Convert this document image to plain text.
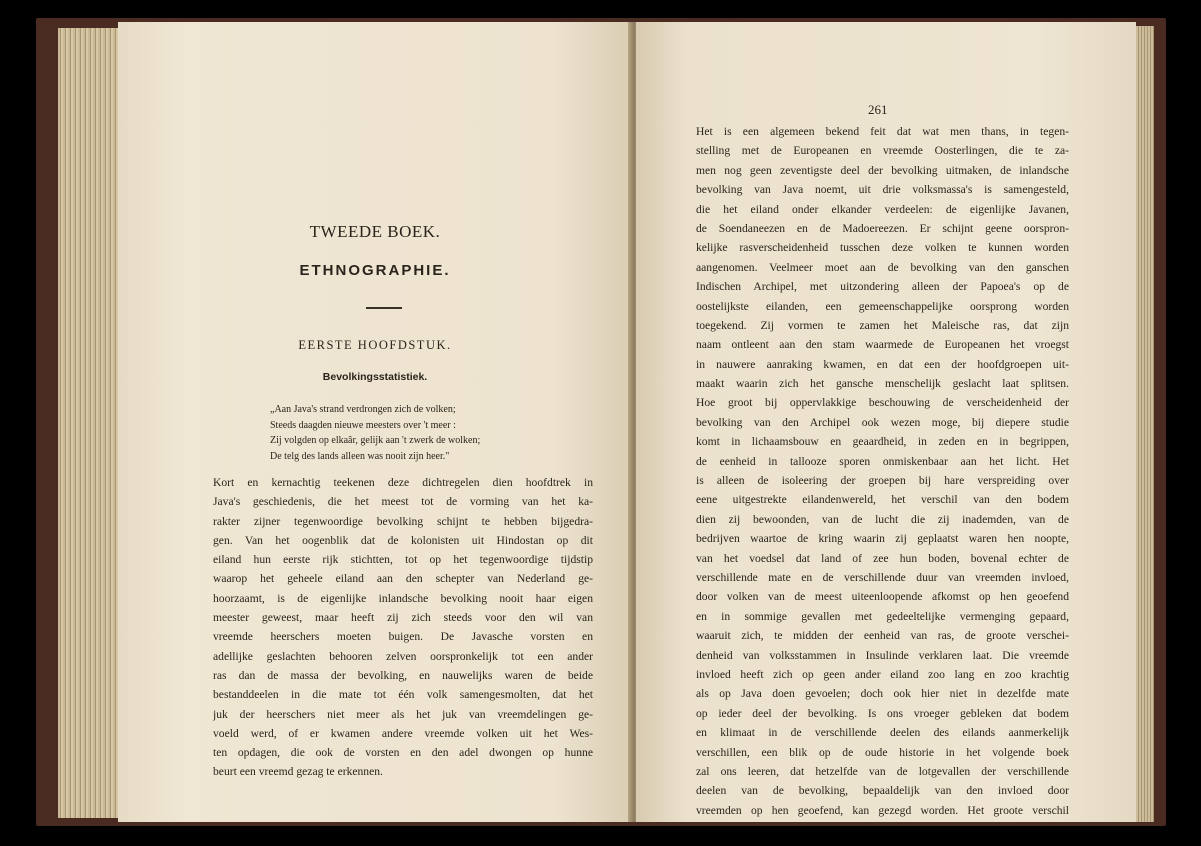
TWEEDE BOEK.
ETHNOGRAPHIE.
EERSTE HOOFDSTUK.
Bevolkingsstatistiek.
„Aan Java's strand verdrongen zich de volken;
Steeds daagden nieuwe meesters over 't meer :
Zij volgden op elkaâr, gelijk aan 't zwerk de wolken;
De telg des lands alleen was nooit zijn heer."
Kort en kernachtig teekenen deze dichtregelen dien hoofdtrek in
Java's geschiedenis, die het meest tot de vorming van het ka-
rakter zijner tegenwoordige bevolking schijnt te hebben bijgedra-
gen. Van het oogenblik dat de kolonisten uit Hindostan op dit
eiland hun eerste rijk stichtten, tot op het tegenwoordige tijdstip
waarop het geheele eiland aan den schepter van Nederland ge-
hoorzaamt, is de eigenlijke inlandsche bevolking nooit haar eigen
meester geweest, maar heeft zij zich steeds voor den wil van
vreemde heerschers moeten buigen. De Javasche vorsten en
adellijke geslachten behooren zelven oorspronkelijk tot een ander
ras dan de massa der bevolking, en nauwelijks waren de beide
bestanddeelen in die mate tot één volk samengesmolten, dat het
juk der heerschers niet meer als het juk van vreemdelingen ge-
voeld werd, of er kwamen andere vreemde volken uit het Wes-
ten opdagen, die ook de vorsten en den adel dwongen op hunne
beurt een vreemd gezag te erkennen.
261
Het is een algemeen bekend feit dat wat men thans, in tegen-
stelling met de Europeanen en vreemde Oosterlingen, die te za-
men nog geen zeventigste deel der bevolking uitmaken, de inlandsche
bevolking van Java noemt, uit drie volksmassa's is samengesteld,
die het eiland onder elkander verdeelen: de eigenlijke Javanen,
de Soendaneezen en de Madoereezen. Er schijnt geene oorspron-
kelijke rasverscheidenheid tusschen deze volken te kunnen worden
aangenomen. Veelmeer moet aan de bevolking van den ganschen
Indischen Archipel, met uitzondering alleen der Papoea's op de
oostelijkste eilanden, een gemeenschappelijke oorsprong worden
toegekend. Zij vormen te zamen het Maleische ras, dat zijn
naam ontleent aan den stam waarmede de Europeanen het vroegst
in nauwere aanraking kwamen, en dat een der hoofdgroepen uit-
maakt waarin zich het gansche menschelijk geslacht laat splitsen.
Hoe groot bij oppervlakkige beschouwing de verscheidenheid der
bevolking van den Archipel ook wezen moge, bij diepere studie
komt in lichaamsbouw en geaardheid, in zeden en in begrippen,
de eenheid in tallooze sporen onmiskenbaar aan het licht. Het
is alleen de isoleering der groepen bij hare verspreiding over
eene uitgestrekte eilandenwereld, het verschil van den bodem
dien zij bewoonden, van de lucht die zij inademden, van de
bedrijven waartoe de kring waarin zij geplaatst waren hen noopte,
van het voedsel dat land of zee hun boden, bovenal echter de
verschillende mate en de verschillende duur van vreemden invloed,
door volken van de meest uiteenloopende afkomst op hen geoefend
en in sommige gevallen met gedeeltelijke vermenging gepaard,
waaruit zich, te midden der eenheid van ras, de groote verschei-
denheid van volksstammen in Insulinde verklaren laat. Die vreemde
invloed heeft zich op geen ander eiland zoo lang en zoo krachtig
als op Java doen gevoelen; doch ook hier niet in dezelfde mate
op ieder deel der bevolking. Is ons vroeger gebleken dat bodem
en klimaat in de verschillende deelen des eilands aanmerkelijk
verschillen, een blik op de oude historie in het volgende boek
zal ons leeren, dat hetzelfde van de lotgevallen der verschillende
deelen van de bevolking, bepaaldelijk van den invloed door
vreemden op hen geoefend, kan gezegd worden. Het groote verschil
